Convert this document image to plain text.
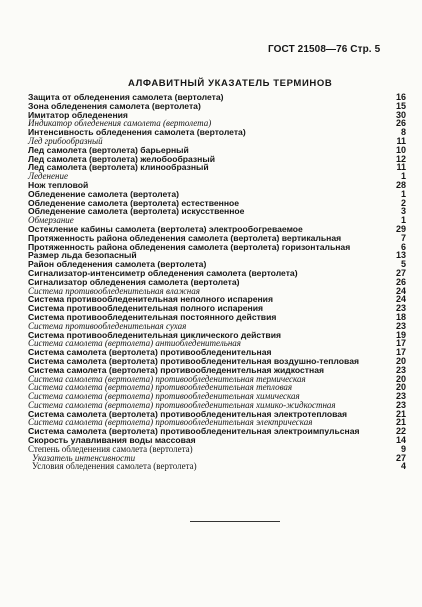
ГОСТ 21508—76 Стр. 5
АЛФАВИТНЫЙ УКАЗАТЕЛЬ ТЕРМИНОВ
Защита от обледенения самолета (вертолета)	16
Зона обледенения самолета (вертолета)	15
Имитатор обледенения	30
Индикатор обледенения самолета (вертолета)	26
Интенсивность обледенения самолета (вертолета)	8
Лед грибообразный	11
Лед самолета (вертолета) барьерный	10
Лед самолета (вертолета) желобообразный	12
Лед самолета (вертолета) клинообразный	11
Леденение	1
Нож тепловой	28
Обледенение самолета (вертолета)	1
Обледенение самолета (вертолета) естественное	2
Обледенение самолета (вертолета) искусственное	3
Обмерзание	1
Остекление кабины самолета (вертолета) электрообогреваемое	29
Протяженность района обледенения самолета (вертолета) вертикальная	7
Протяженность района обледенения самолета (вертолета) горизонтальная	6
Размер льда безопасный	13
Район обледенения самолета (вертолета)	5
Сигнализатор-интенсиметр обледенения самолета (вертолета)	27
Сигнализатор обледенения самолета (вертолета)	26
Система противообледенительная влажная	24
Система противообледенительная неполного испарения	24
Система противообледенительная полного испарения	23
Система противообледенительная постоянного действия	18
Система противообледенительная сухая	23
Система противообледенительная циклического действия	19
Система самолета (вертолета) антиобледенительная	17
Система самолета (вертолета) противообледенительная	17
Система самолета (вертолета) противообледенительная воздушно-тепловая	20
Система самолета (вертолета) противообледенительная жидкостная	23
Система самолета (вертолета) противообледенительная термическая	20
Система самолета (вертолета) противообледенительная тепловая	20
Система самолета (вертолета) противообледенительная химическая	23
Система самолета (вертолета) противообледенительная химико-жидкостная	23
Система самолета (вертолета) противообледенительная электротепловая	21
Система самолета (вертолета) противообледенительная электрическая	21
Система самолета (вертолета) противообледенительная электроимпульсная	22
Скорость улавливания воды массовая	14
Степень обледенения самолета (вертолета)	9
Указатель интенсивности	27
Условия обледенения самолета (вертолета)	4
